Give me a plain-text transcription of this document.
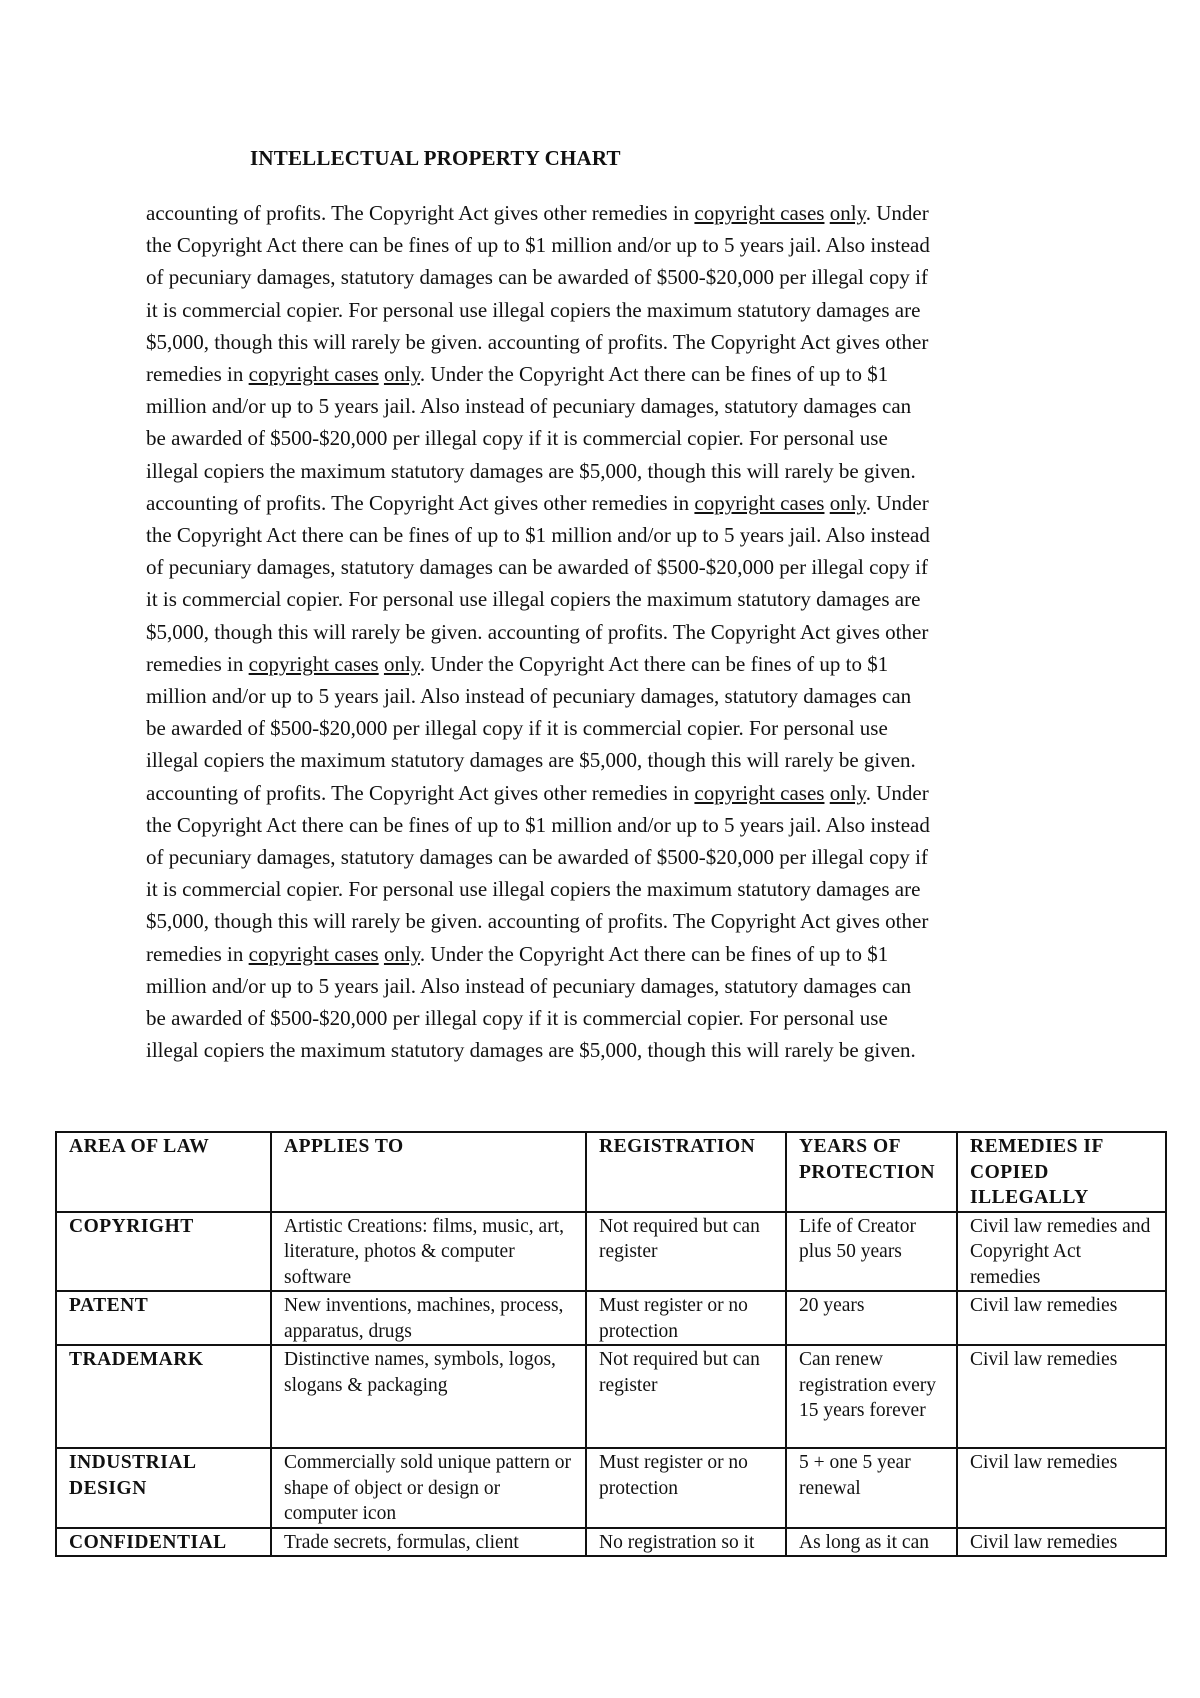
INTELLECTUAL PROPERTY CHART
accounting of profits. The Copyright Act gives other remedies in copyright cases only. Under
the Copyright Act there can be fines of up to $1 million and/or up to 5 years jail. Also instead
of pecuniary damages, statutory damages can be awarded of $500-$20,000 per illegal copy if
it is commercial copier. For personal use illegal copiers the maximum statutory damages are
$5,000, though this will rarely be given. accounting of profits. The Copyright Act gives other
remedies in copyright cases only. Under the Copyright Act there can be fines of up to $1
million and/or up to 5 years jail. Also instead of pecuniary damages, statutory damages can
be awarded of $500-$20,000 per illegal copy if it is commercial copier. For personal use
illegal copiers the maximum statutory damages are $5,000, though this will rarely be given.
accounting of profits. The Copyright Act gives other remedies in copyright cases only. Under
the Copyright Act there can be fines of up to $1 million and/or up to 5 years jail. Also instead
of pecuniary damages, statutory damages can be awarded of $500-$20,000 per illegal copy if
it is commercial copier. For personal use illegal copiers the maximum statutory damages are
$5,000, though this will rarely be given. accounting of profits. The Copyright Act gives other
remedies in copyright cases only. Under the Copyright Act there can be fines of up to $1
million and/or up to 5 years jail. Also instead of pecuniary damages, statutory damages can
be awarded of $500-$20,000 per illegal copy if it is commercial copier. For personal use
illegal copiers the maximum statutory damages are $5,000, though this will rarely be given.
accounting of profits. The Copyright Act gives other remedies in copyright cases only. Under
the Copyright Act there can be fines of up to $1 million and/or up to 5 years jail. Also instead
of pecuniary damages, statutory damages can be awarded of $500-$20,000 per illegal copy if
it is commercial copier. For personal use illegal copiers the maximum statutory damages are
$5,000, though this will rarely be given. accounting of profits. The Copyright Act gives other
remedies in copyright cases only. Under the Copyright Act there can be fines of up to $1
million and/or up to 5 years jail. Also instead of pecuniary damages, statutory damages can
be awarded of $500-$20,000 per illegal copy if it is commercial copier. For personal use
illegal copiers the maximum statutory damages are $5,000, though this will rarely be given.
AREA OF LAW	APPLIES TO	REGISTRATION	YEARS OF PROTECTION	REMEDIES IF COPIED ILLEGALLY
COPYRIGHT	Artistic Creations: films, music, art, literature, photos & computer software	Not required but can register	Life of Creator plus 50 years	Civil law remedies and Copyright Act remedies
PATENT	New inventions, machines, process, apparatus, drugs	Must register or no protection	20 years	Civil law remedies
TRADEMARK	Distinctive names, symbols, logos, slogans & packaging	Not required but can register	Can renew registration every 15 years forever	Civil law remedies
INDUSTRIAL DESIGN	Commercially sold unique pattern or shape of object or design or computer icon	Must register or no protection	5 + one 5 year renewal	Civil law remedies
CONFIDENTIAL	Trade secrets, formulas, client	No registration so it	As long as it can	Civil law remedies
